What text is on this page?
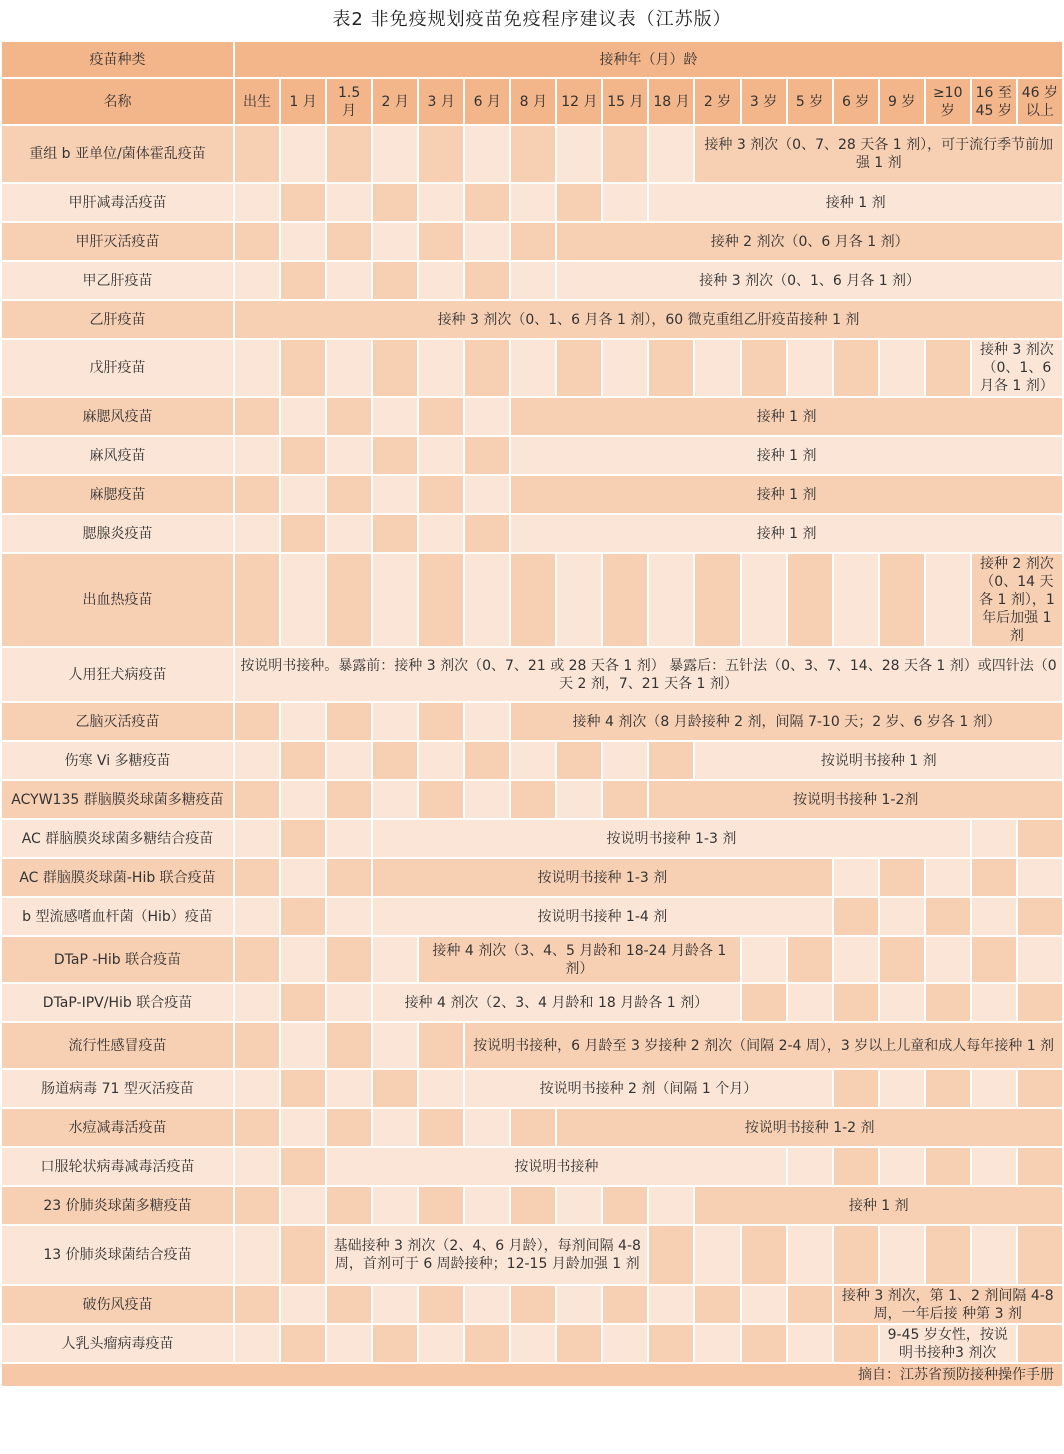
表2 非免疫规划疫苗免疫程序建议表（江苏版）
疫苗种类	接种年（月）龄																	
名称	出生	1 月	1.5 月	2 月	3 月	6 月	8 月	12 月	15 月	18 月	2 岁	3 岁	5 岁	6 岁	9 岁	≥10 岁	16 至 45 岁	46 岁以上
重组 b 亚单位/菌体霍乱疫苗											接种 3 剂次（0、7、28 天各 1 剂），可于流行季节前加强 1 剂							
甲肝减毒活疫苗										接种 1 剂								
甲肝灭活疫苗								接种 2 剂次（0、6 月各 1 剂）										
甲乙肝疫苗								接种 3 剂次（0、1、6 月各 1 剂）										
乙肝疫苗	接种 3 剂次（0、1、6 月各 1 剂），60 微克重组乙肝疫苗接种 1 剂																	
戊肝疫苗																	接种 3 剂次（0、1、6 月各 1 剂）	
麻腮风疫苗							接种 1 剂											
麻风疫苗							接种 1 剂											
麻腮疫苗							接种 1 剂											
腮腺炎疫苗							接种 1 剂											
出血热疫苗																	接种 2 剂次（0、14 天各 1 剂），1 年后加强 1 剂	
人用狂犬病疫苗	按说明书接种。暴露前：接种 3 剂次（0、7、21 或 28 天各 1 剂） 暴露后：五针法（0、3、7、14、28 天各 1 剂）或四针法（0 天 2 剂，7、21 天各 1 剂）																	
乙脑灭活疫苗							接种 4 剂次（8 月龄接种 2 剂，间隔 7-10 天；2 岁、6 岁各 1 剂）											
伤寒 Vi 多糖疫苗											按说明书接种 1 剂							
ACYW135 群脑膜炎球菌多糖疫苗										按说明书接种 1-2剂								
AC 群脑膜炎球菌多糖结合疫苗				按说明书接种 1-3 剂														
AC 群脑膜炎球菌-Hib 联合疫苗				按说明书接种 1-3 剂														
b 型流感嗜血杆菌（Hib）疫苗				按说明书接种 1-4 剂														
DTaP -Hib 联合疫苗					接种 4 剂次（3、4、5 月龄和 18-24 月龄各 1 剂）													
DTaP-IPV/Hib 联合疫苗				接种 4 剂次（2、3、4 月龄和 18 月龄各 1 剂）														
流行性感冒疫苗						按说明书接种，6 月龄至 3 岁接种 2 剂次（间隔 2-4 周），3 岁以上儿童和成人每年接种 1 剂												
肠道病毒 71 型灭活疫苗						按说明书接种 2 剂（间隔 1 个月）												
水痘减毒活疫苗								按说明书接种 1-2 剂										
口服轮状病毒减毒活疫苗			按说明书接种															
23 价肺炎球菌多糖疫苗											接种 1 剂							
13 价肺炎球菌结合疫苗			基础接种 3 剂次（2、4、6 月龄），每剂间隔 4-8 周，首剂可于 6 周龄接种；12-15 月龄加强 1 剂															
破伤风疫苗														接种 3 剂次，第 1、2 剂间隔 4-8 周，一年后接 种第 3 剂				
人乳头瘤病毒疫苗															9-45 岁女性，按说明书接种3 剂次			
摘自：江苏省预防接种操作手册
